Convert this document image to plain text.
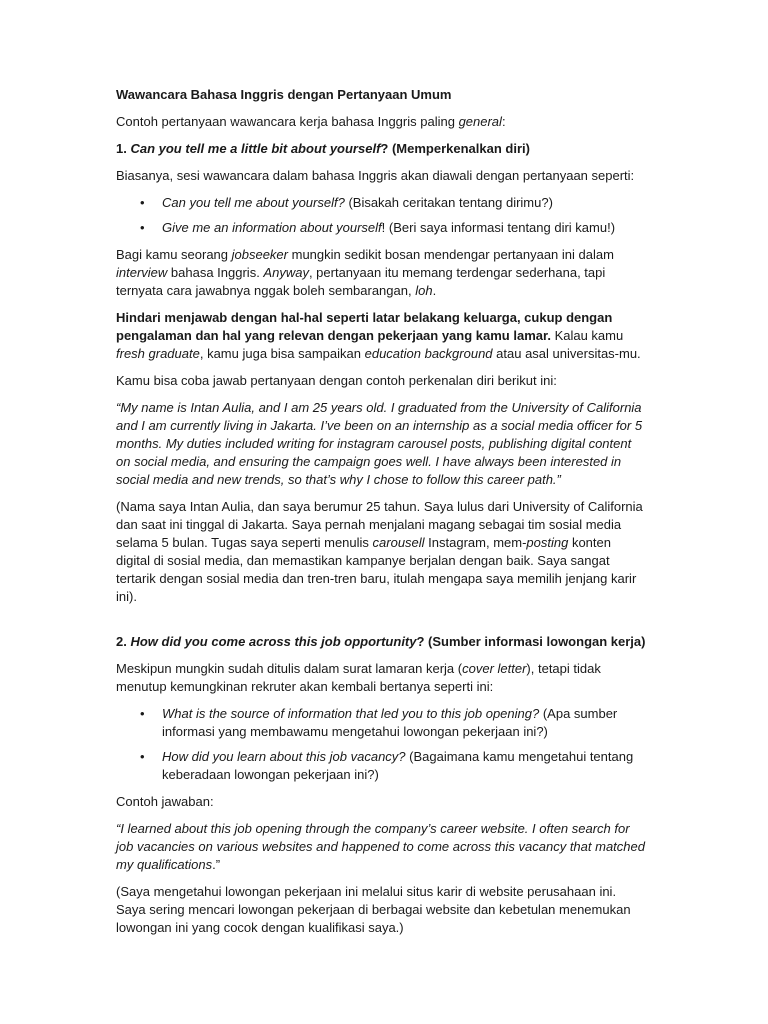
Wawancara Bahasa Inggris dengan Pertanyaan Umum

Contoh pertanyaan wawancara kerja bahasa Inggris paling general:

1. Can you tell me a little bit about yourself? (Memperkenalkan diri)

Biasanya, sesi wawancara dalam bahasa Inggris akan diawali dengan pertanyaan seperti:

• Can you tell me about yourself? (Bisakah ceritakan tentang dirimu?)
• Give me an information about yourself! (Beri saya informasi tentang diri kamu!)

Bagi kamu seorang jobseeker mungkin sedikit bosan mendengar pertanyaan ini dalam interview bahasa Inggris. Anyway, pertanyaan itu memang terdengar sederhana, tapi ternyata cara jawabnya nggak boleh sembarangan, loh.

Hindari menjawab dengan hal-hal seperti latar belakang keluarga, cukup dengan pengalaman dan hal yang relevan dengan pekerjaan yang kamu lamar. Kalau kamu fresh graduate, kamu juga bisa sampaikan education background atau asal universitas-mu.

Kamu bisa coba jawab pertanyaan dengan contoh perkenalan diri berikut ini:

“My name is Intan Aulia, and I am 25 years old. I graduated from the University of California and I am currently living in Jakarta. I’ve been on an internship as a social media officer for 5 months. My duties included writing for instagram carousel posts, publishing digital content on social media, and ensuring the campaign goes well. I have always been interested in social media and new trends, so that’s why I chose to follow this career path.”

(Nama saya Intan Aulia, dan saya berumur 25 tahun. Saya lulus dari University of California dan saat ini tinggal di Jakarta. Saya pernah menjalani magang sebagai tim sosial media selama 5 bulan. Tugas saya seperti menulis carousell Instagram, mem-posting konten digital di sosial media, dan memastikan kampanye berjalan dengan baik. Saya sangat tertarik dengan sosial media dan tren-tren baru, itulah mengapa saya memilih jenjang karir ini).

2. How did you come across this job opportunity? (Sumber informasi lowongan kerja)

Meskipun mungkin sudah ditulis dalam surat lamaran kerja (cover letter), tetapi tidak menutup kemungkinan rekruter akan kembali bertanya seperti ini:

• What is the source of information that led you to this job opening? (Apa sumber informasi yang membawamu mengetahui lowongan pekerjaan ini?)
• How did you learn about this job vacancy? (Bagaimana kamu mengetahui tentang keberadaan lowongan pekerjaan ini?)

Contoh jawaban:

“I learned about this job opening through the company’s career website. I often search for job vacancies on various websites and happened to come across this vacancy that matched my qualifications.”

(Saya mengetahui lowongan pekerjaan ini melalui situs karir di website perusahaan ini. Saya sering mencari lowongan pekerjaan di berbagai website dan kebetulan menemukan lowongan ini yang cocok dengan kualifikasi saya.)
